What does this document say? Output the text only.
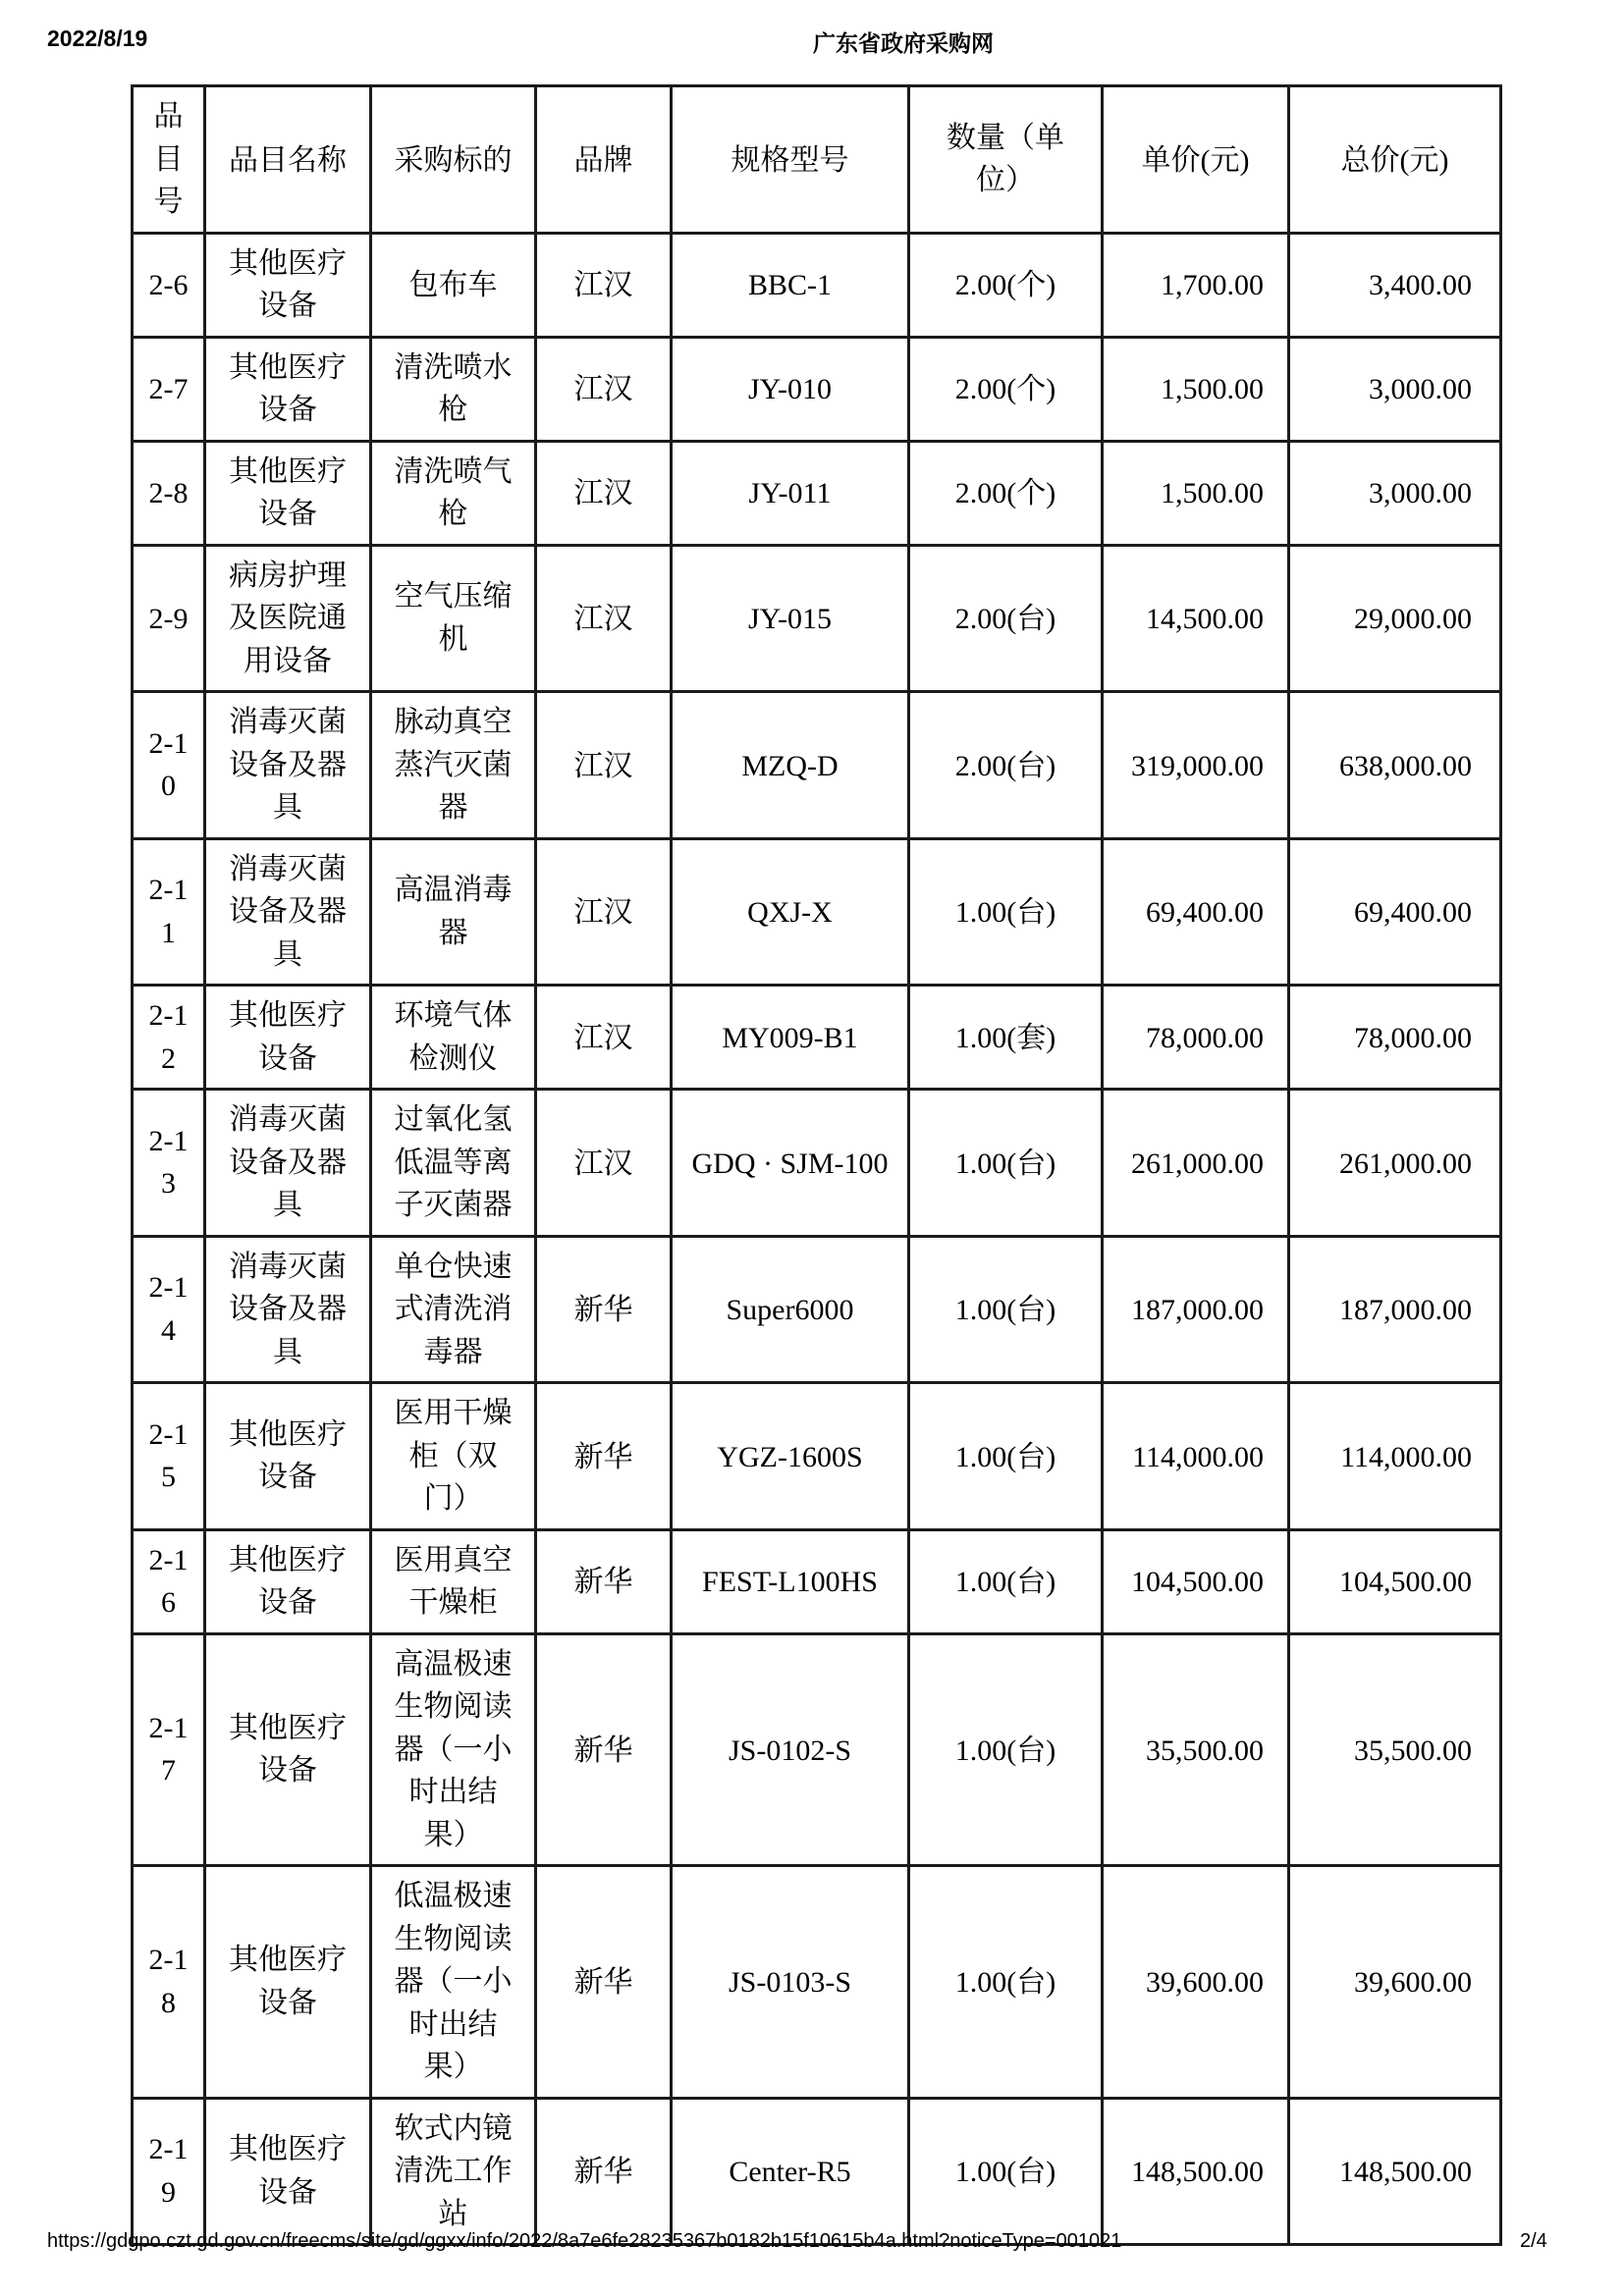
2022/8/19	广东省政府采购网
品目号	品目名称	采购标的	品牌	规格型号	数量（单位）	单价(元)	总价(元)
2-6	其他医疗设备	包布车	江汉	BBC-1	2.00(个)	1,700.00	3,400.00
2-7	其他医疗设备	清洗喷水枪	江汉	JY-010	2.00(个)	1,500.00	3,000.00
2-8	其他医疗设备	清洗喷气枪	江汉	JY-011	2.00(个)	1,500.00	3,000.00
2-9	病房护理及医院通用设备	空气压缩机	江汉	JY-015	2.00(台)	14,500.00	29,000.00
2-10	消毒灭菌设备及器具	脉动真空蒸汽灭菌器	江汉	MZQ-D	2.00(台)	319,000.00	638,000.00
2-11	消毒灭菌设备及器具	高温消毒器	江汉	QXJ-X	1.00(台)	69,400.00	69,400.00
2-12	其他医疗设备	环境气体检测仪	江汉	MY009-B1	1.00(套)	78,000.00	78,000.00
2-13	消毒灭菌设备及器具	过氧化氢低温等离子灭菌器	江汉	GDQ · SJM-100	1.00(台)	261,000.00	261,000.00
2-14	消毒灭菌设备及器具	单仓快速式清洗消毒器	新华	Super6000	1.00(台)	187,000.00	187,000.00
2-15	其他医疗设备	医用干燥柜（双门）	新华	YGZ-1600S	1.00(台)	114,000.00	114,000.00
2-16	其他医疗设备	医用真空干燥柜	新华	FEST-L100HS	1.00(台)	104,500.00	104,500.00
2-17	其他医疗设备	高温极速生物阅读器（一小时出结果）	新华	JS-0102-S	1.00(台)	35,500.00	35,500.00
2-18	其他医疗设备	低温极速生物阅读器（一小时出结果）	新华	JS-0103-S	1.00(台)	39,600.00	39,600.00
2-19	其他医疗设备	软式内镜清洗工作站	新华	Center-R5	1.00(台)	148,500.00	148,500.00
https://gdgpo.czt.gd.gov.cn/freecms/site/gd/ggxx/info/2022/8a7e6fe28235367b0182b15f10615b4a.html?noticeType=001021	2/4
